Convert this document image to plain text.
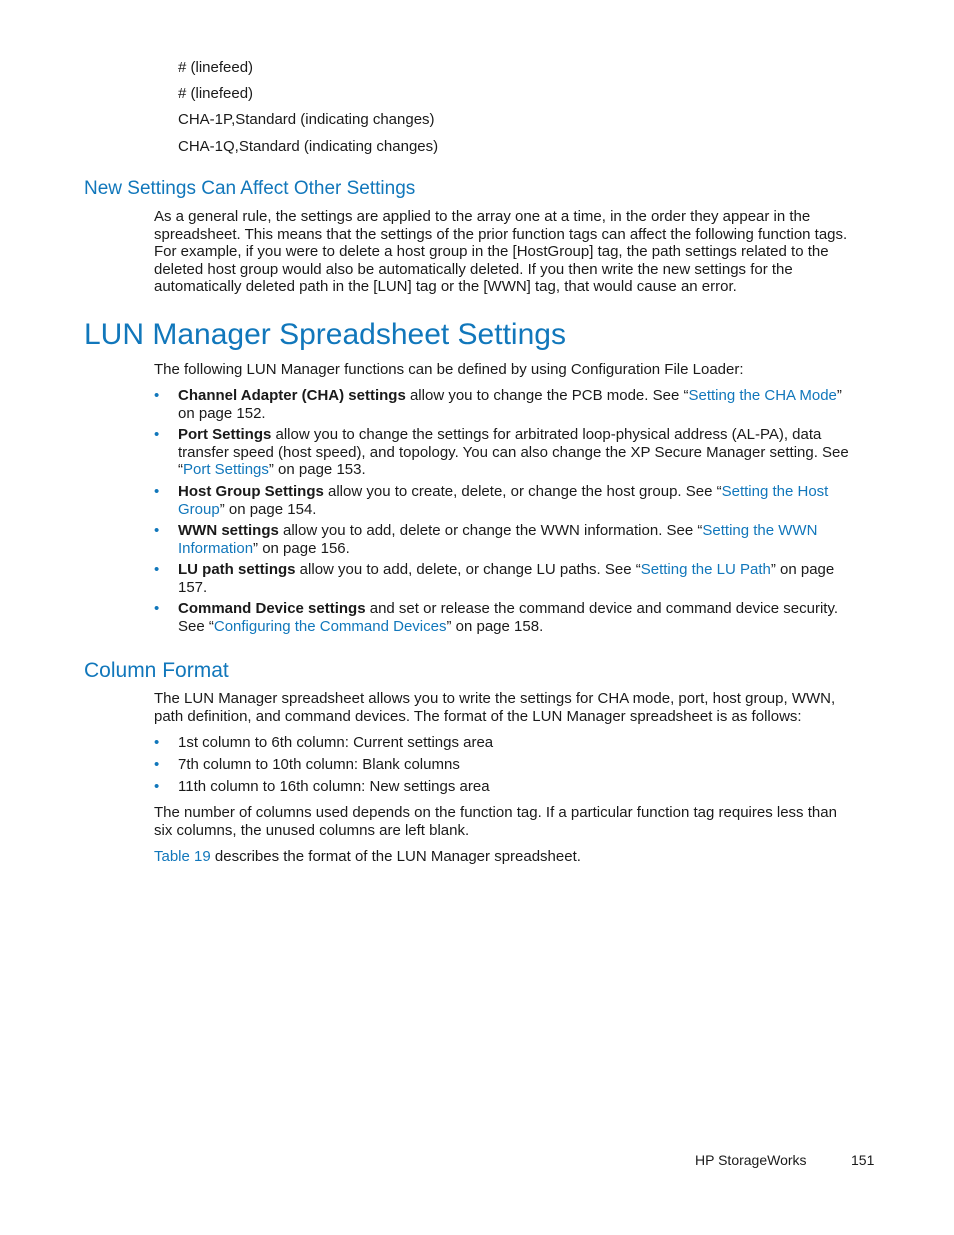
# (linefeed)
# (linefeed)
CHA-1P,Standard (indicating changes)
CHA-1Q,Standard (indicating changes)
New Settings Can Affect Other Settings
As a general rule, the settings are applied to the array one at a time, in the order they appear in the spreadsheet. This means that the settings of the prior function tags can affect the following function tags. For example, if you were to delete a host group in the [HostGroup] tag, the path settings related to the deleted host group would also be automatically deleted. If you then write the new settings for the automatically deleted path in the [LUN] tag or the [WWN] tag, that would cause an error.
LUN Manager Spreadsheet Settings
The following LUN Manager functions can be defined by using Configuration File Loader:
• Channel Adapter (CHA) settings allow you to change the PCB mode. See “Setting the CHA Mode” on page 152.
• Port Settings allow you to change the settings for arbitrated loop-physical address (AL-PA), data transfer speed (host speed), and topology. You can also change the XP Secure Manager setting. See “Port Settings” on page 153.
• Host Group Settings allow you to create, delete, or change the host group. See “Setting the Host Group” on page 154.
• WWN settings allow you to add, delete or change the WWN information. See “Setting the WWN Information” on page 156.
• LU path settings allow you to add, delete, or change LU paths. See “Setting the LU Path” on page 157.
• Command Device settings and set or release the command device and command device security. See “Configuring the Command Devices” on page 158.
Column Format
The LUN Manager spreadsheet allows you to write the settings for CHA mode, port, host group, WWN, path definition, and command devices. The format of the LUN Manager spreadsheet is as follows:
• 1st column to 6th column: Current settings area
• 7th column to 10th column: Blank columns
• 11th column to 16th column: New settings area
The number of columns used depends on the function tag. If a particular function tag requires less than six columns, the unused columns are left blank.
Table 19 describes the format of the LUN Manager spreadsheet.
HP StorageWorks	151
